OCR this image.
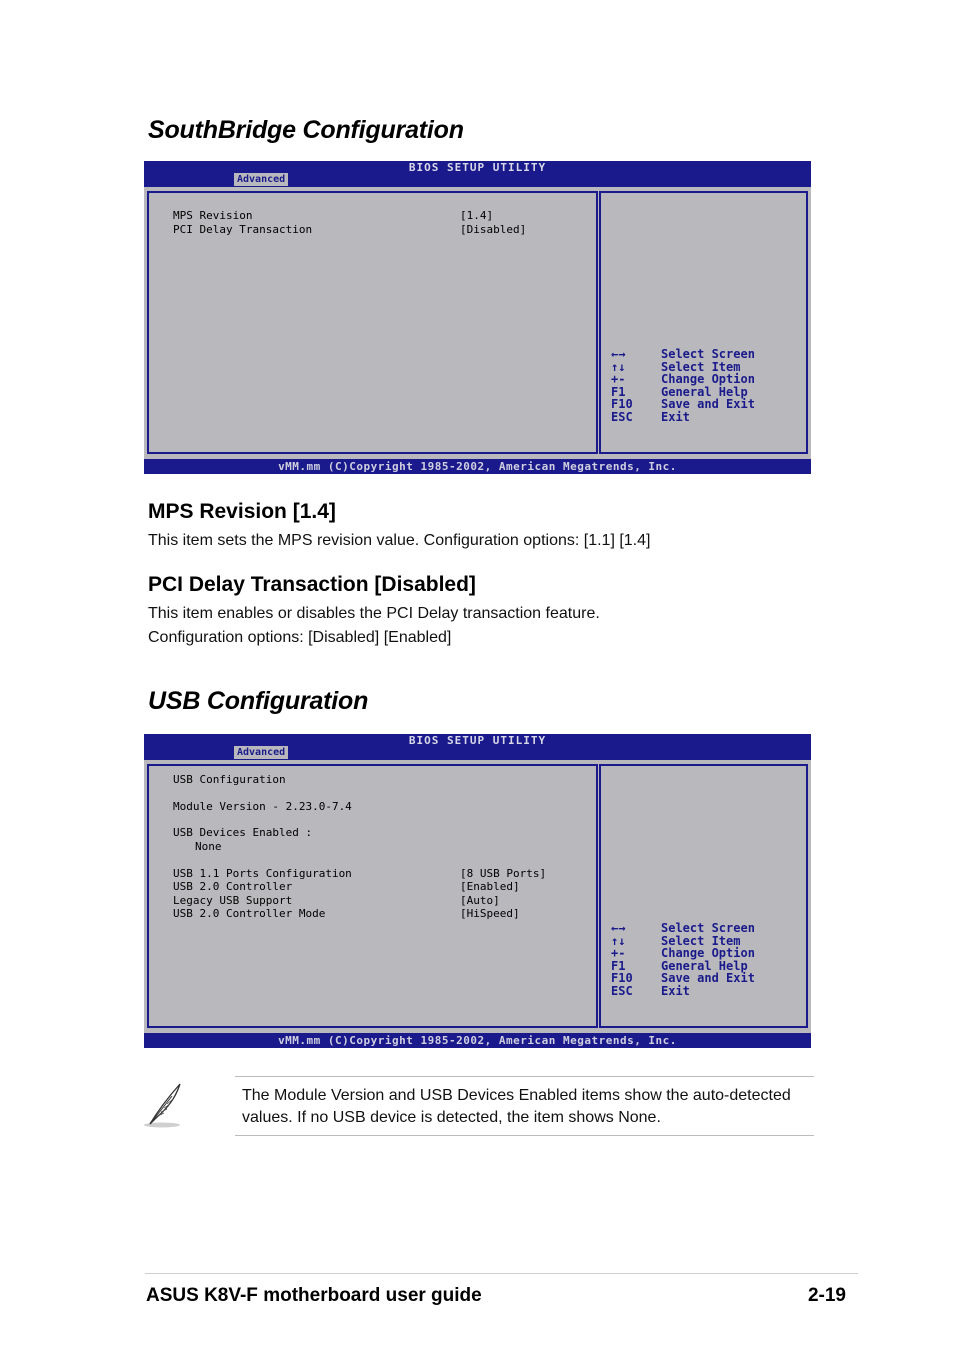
SouthBridge Configuration
BIOS SETUP UTILITY
Advanced
MPS Revision	[1.4]
PCI Delay Transaction	[Disabled]
←→	Select Screen
↑↓	Select Item
+-	Change Option
F1	General Help
F10 Save and Exit
ESC Exit
vMM.mm (C)Copyright 1985-2002, American Megatrends, Inc.
MPS Revision [1.4]
This item sets the MPS revision value. Configuration options: [1.1] [1.4]
PCI Delay Transaction [Disabled]
This item enables or disables the PCI Delay transaction feature.
Configuration options: [Disabled] [Enabled]
USB Configuration
BIOS SETUP UTILITY
Advanced
USB Configuration
Module Version - 2.23.0-7.4
USB Devices Enabled :
None
USB 1.1 Ports Configuration	[8 USB Ports]
USB 2.0 Controller	[Enabled]
Legacy USB Support	[Auto]
USB 2.0 Controller Mode	[HiSpeed]
←→	Select Screen
↑↓	Select Item
+-	Change Option
F1	General Help
F10 Save and Exit
ESC Exit
vMM.mm (C)Copyright 1985-2002, American Megatrends, Inc.
The Module Version and USB Devices Enabled items show the auto-detected
values. If no USB device is detected, the item shows None.
ASUS K8V-F motherboard user guide	2-19
